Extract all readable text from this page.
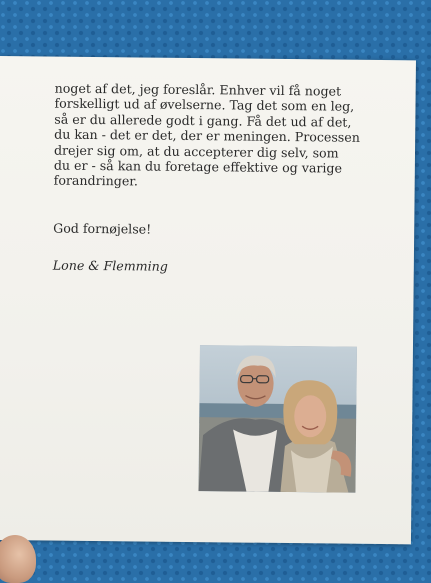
noget af det, jeg foreslår. Enhver vil få noget
forskelligt ud af øvelserne. Tag det som en leg,
så er du allerede godt i gang. Få det ud af det,
du kan - det er det, der er meningen. Processen
drejer sig om, at du accepterer dig selv, som
du er - så kan du foretage effektive og varige
forandringer.

God fornøjelse!

Lone & Flemming
